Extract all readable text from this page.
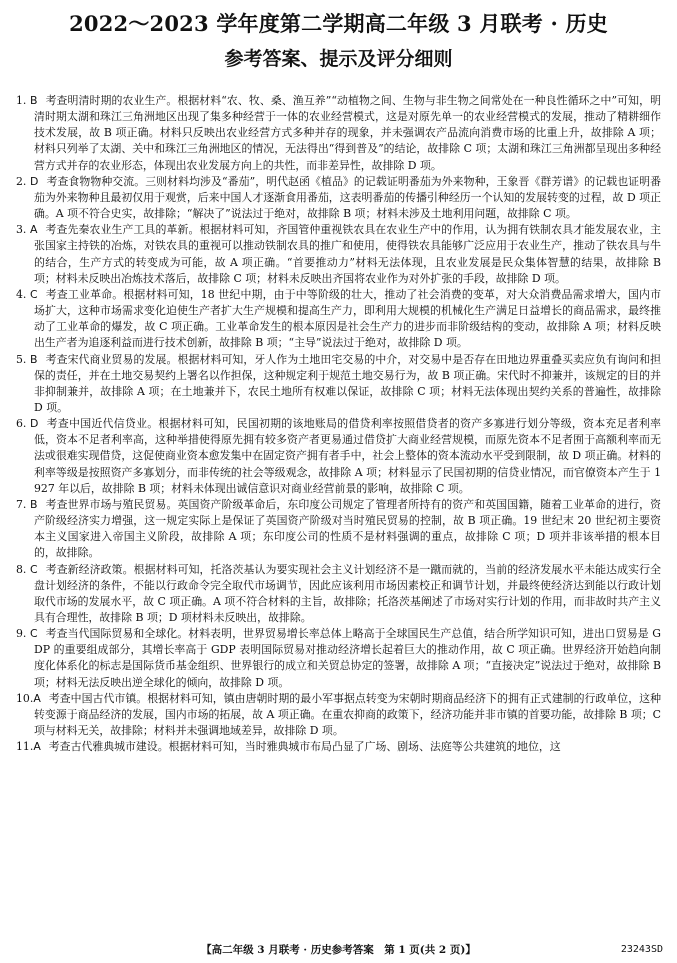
2022～2023 学年度第二学期高二年级 3 月联考 · 历史
参考答案、提示及评分细则

1. B 考查明清时期的农业生产。根据材料“农、牧、桑、渔互养”“动植物之间、生物与非生物之间常处在一种良性循环之中”可知，明清时期太湖和珠江三角洲地区出现了集多种经营于一体的农业经营模式，这是对原先单一的农业经营模式的发展，推动了精耕细作技术发展，故 B 项正确。材料只反映出农业经营方式多种并存的现象，并未强调农产品流向消费市场的比重上升，故排除 A 项；材料只列举了太湖、关中和珠江三角洲地区的情况，无法得出“得到普及”的结论，故排除 C 项；太湖和珠江三角洲都呈现出多种经营方式并存的农业形态，体现出农业发展方向上的共性，而非差异性，故排除 D 项。

2. D 考查食物物种交流。三则材料均涉及“番茄”，明代赵函《植品》的记载证明番茄为外来物种，王象晋《群芳谱》的记载也证明番茄为外来物种且最初仅用于观赏，后来中国人才逐渐食用番茄，这表明番茄的传播引种经历一个认知的发展转变的过程，故 D 项正确。A 项不符合史实，故排除；“解决了”说法过于绝对，故排除 B 项；材料未涉及土地利用问题，故排除 C 项。

3. A 考查先秦农业生产工具的革新。根据材料可知，齐国管仲重视铁农具在农业生产中的作用，认为拥有铁制农具才能发展农业，主张国家主持铁的冶炼，对铁农具的重视可以推动铁制农具的推广和使用，使得铁农具能够广泛应用于农业生产，推动了铁农具与牛的结合，生产方式的转变成为可能，故 A 项正确。“首要推动力”材料无法体现，且农业发展是民众集体智慧的结果，故排除 B 项；材料未反映出冶炼技术落后，故排除 C 项；材料未反映出齐国将农业作为对外扩张的手段，故排除 D 项。

4. C 考查工业革命。根据材料可知，18 世纪中期，由于中等阶级的壮大，推动了社会消费的变革，对大众消费品需求增大，国内市场扩大，这种市场需求变化迫使生产者扩大生产规模和提高生产力，即利用大规模的机械化生产满足日益增长的商品需求，最终推动了工业革命的爆发，故 C 项正确。工业革命发生的根本原因是社会生产力的进步而非阶级结构的变动，故排除 A 项；材料反映出生产者为追逐利益而进行技术创新，故排除 B 项；“主导”说法过于绝对，故排除 D 项。

5. B 考查宋代商业贸易的发展。根据材料可知，牙人作为土地田宅交易的中介，对交易中是否存在田地边界重叠买卖应负有询问和担保的责任，并在土地交易契约上署名以作担保，这种规定利于规范土地交易行为，故 B 项正确。宋代时不抑兼并，该规定的目的并非抑制兼并，故排除 A 项；在土地兼并下，农民土地所有权难以保证，故排除 C 项；材料无法体现出契约关系的普遍性，故排除 D 项。

6. D 考查中国近代信贷业。根据材料可知，民国初期的该地账局的借贷利率按照借贷者的资产多寡进行划分等级，资本充足者利率低，资本不足者利率高，这种举措使得原先拥有较多资产者更易通过借贷扩大商业经营规模，而原先资本不足者囿于高额利率而无法或很难实现借贷，这促使商业资本愈发集中在固定资产拥有者手中，社会上整体的资本流动水平受到限制，故 D 项正确。材料的利率等级是按照资产多寡划分，而非传统的社会等级观念，故排除 A 项；材料显示了民国初期的信贷业情况，而官僚资本产生于 1927 年以后，故排除 B 项；材料未体现出诚信意识对商业经营前景的影响，故排除 C 项。

7. B 考查世界市场与殖民贸易。英国资产阶级革命后，东印度公司规定了管理者所持有的资产和英国国籍，随着工业革命的进行，资产阶级经济实力增强，这一规定实际上是保证了英国资产阶级对当时殖民贸易的控制，故 B 项正确。19 世纪末 20 世纪初主要资本主义国家进入帝国主义阶段，故排除 A 项；东印度公司的性质不是材料强调的重点，故排除 C 项；D 项并非该举措的根本目的，故排除。

8. C 考查新经济政策。根据材料可知，托洛茨基认为要实现社会主义计划经济不是一蹴而就的，当前的经济发展水平未能达成实行全盘计划经济的条件，不能以行政命令完全取代市场调节，因此应该利用市场因素校正和调节计划，并最终使经济达到能以行政计划取代市场的发展水平，故 C 项正确。A 项不符合材料的主旨，故排除；托洛茨基阐述了市场对实行计划的作用，而非故时共产主义具有合理性，故排除 B 项；D 项材料未反映出，故排除。

9. C 考查当代国际贸易和全球化。材料表明，世界贸易增长率总体上略高于全球国民生产总值，结合所学知识可知，进出口贸易是 GDP 的重要组成部分，其增长率高于 GDP 表明国际贸易对推动经济增长起着巨大的推动作用，故 C 项正确。世界经济开始趋向制度化体系化的标志是国际货币基金组织、世界银行的成立和关贸总协定的签署，故排除 A 项；“直接决定”说法过于绝对，故排除 B 项；材料无法反映出逆全球化的倾向，故排除 D 项。

10.A 考查中国古代市镇。根据材料可知，镇由唐朝时期的最小军事据点转变为宋朝时期商品经济下的拥有正式建制的行政单位，这种转变源于商品经济的发展，国内市场的拓展，故 A 项正确。在重农抑商的政策下，经济功能并非市镇的首要功能，故排除 B 项；C 项与材料无关，故排除；材料并未强调地域差异，故排除 D 项。

11.A 考查古代雅典城市建设。根据材料可知，当时雅典城市布局凸显了广场、剧场、法庭等公共建筑的地位，这

【高二年级 3 月联考 · 历史参考答案　第 1 页(共 2 页)】	23243SD
